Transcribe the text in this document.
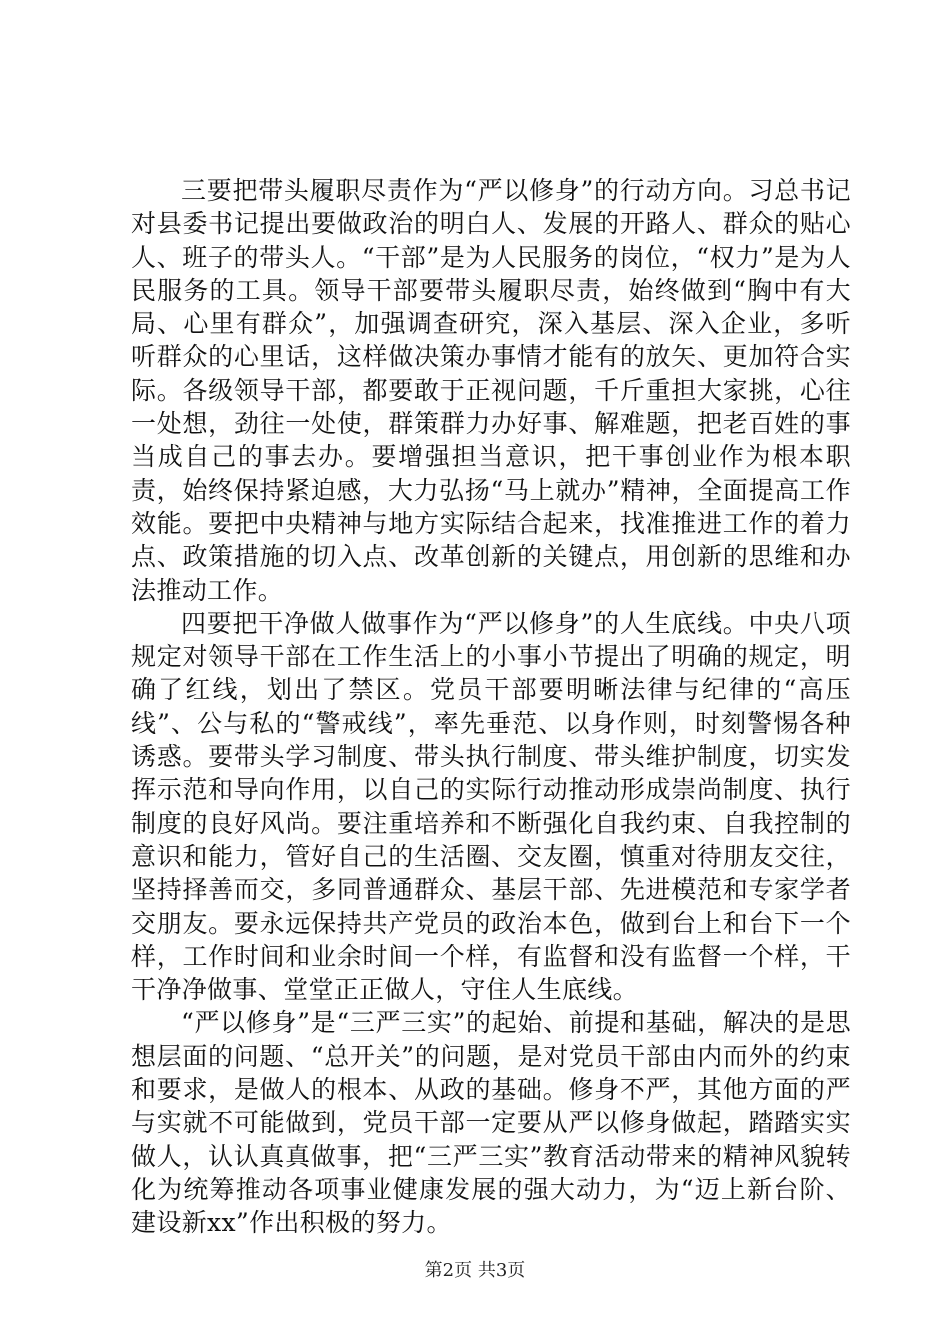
三要把带头履职尽责作为“严以修身”的行动方向。习总书记对县委书记提出要做政治的明白人、发展的开路人、群众的贴心人、班子的带头人。“干部”是为人民服务的岗位，“权力”是为人民服务的工具。领导干部要带头履职尽责，始终做到“胸中有大局、心里有群众”，加强调查研究，深入基层、深入企业，多听听群众的心里话，这样做决策办事情才能有的放矢、更加符合实际。各级领导干部，都要敢于正视问题，千斤重担大家挑，心往一处想，劲往一处使，群策群力办好事、解难题，把老百姓的事当成自己的事去办。要增强担当意识，把干事创业作为根本职责，始终保持紧迫感，大力弘扬“马上就办”精神，全面提高工作效能。要把中央精神与地方实际结合起来，找准推进工作的着力点、政策措施的切入点、改革创新的关键点，用创新的思维和办法推动工作。

四要把干净做人做事作为“严以修身”的人生底线。中央八项规定对领导干部在工作生活上的小事小节提出了明确的规定，明确了红线，划出了禁区。党员干部要明晰法律与纪律的“高压线”、公与私的“警戒线”，率先垂范、以身作则，时刻警惕各种诱惑。要带头学习制度、带头执行制度、带头维护制度，切实发挥示范和导向作用，以自己的实际行动推动形成崇尚制度、执行制度的良好风尚。要注重培养和不断强化自我约束、自我控制的意识和能力，管好自己的生活圈、交友圈，慎重对待朋友交往，坚持择善而交，多同普通群众、基层干部、先进模范和专家学者交朋友。要永远保持共产党员的政治本色，做到台上和台下一个样，工作时间和业余时间一个样，有监督和没有监督一个样，干干净净做事、堂堂正正做人，守住人生底线。

“严以修身”是“三严三实”的起始、前提和基础，解决的是思想层面的问题、“总开关”的问题，是对党员干部由内而外的约束和要求，是做人的根本、从政的基础。修身不严，其他方面的严与实就不可能做到，党员干部一定要从严以修身做起，踏踏实实做人，认认真真做事，把“三严三实”教育活动带来的精神风貌转化为统筹推动各项事业健康发展的强大动力，为“迈上新台阶、建设新xx”作出积极的努力。

第2页 共3页
